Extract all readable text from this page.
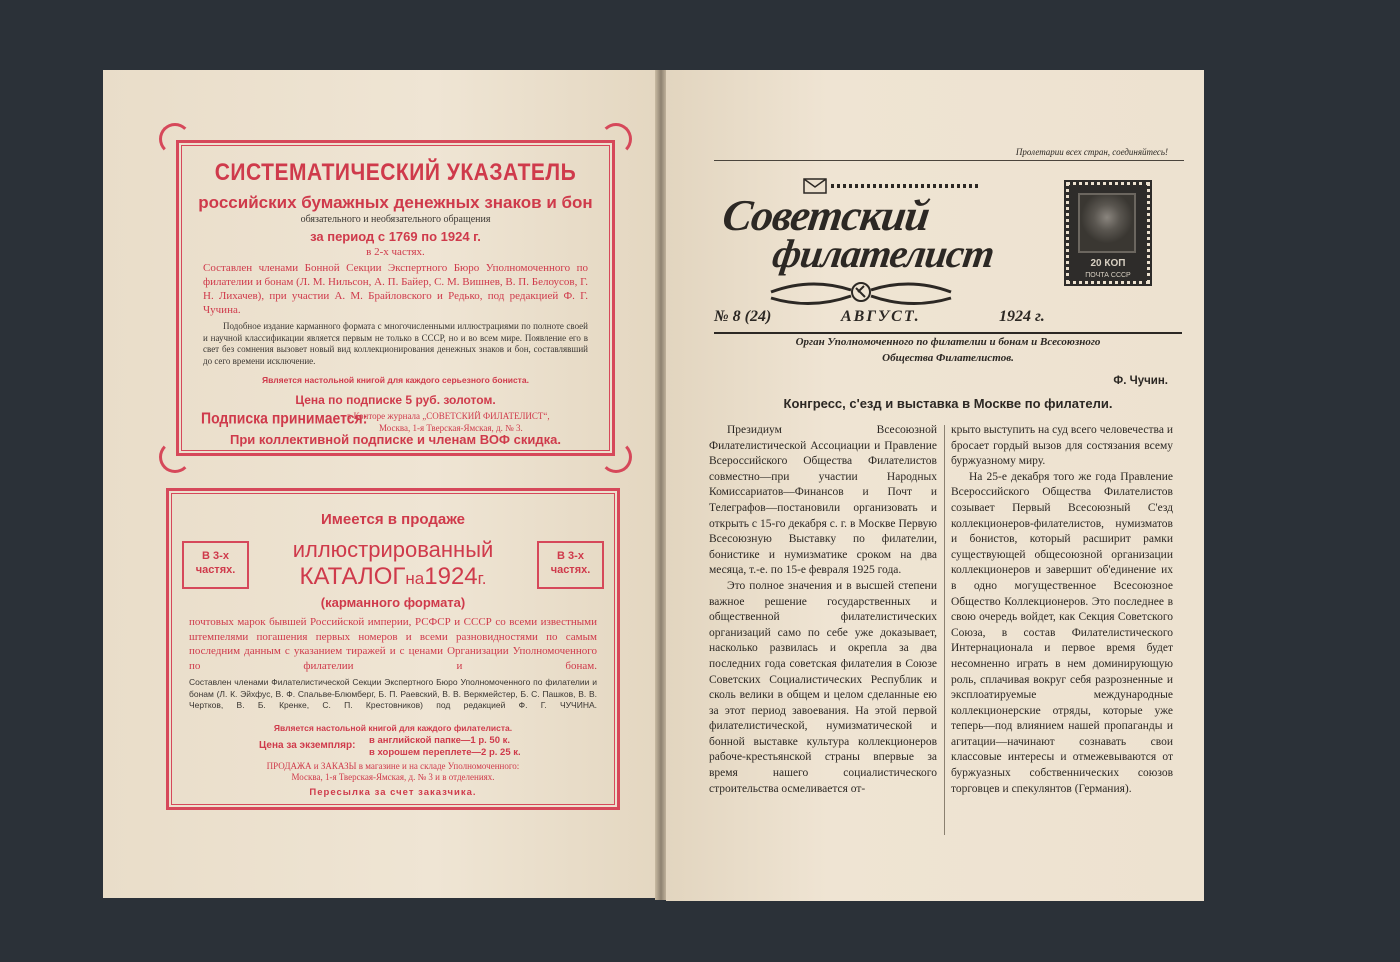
СИСТЕМАТИЧЕСКИЙ УКАЗАТЕЛЬ

российских бумажных денежных знаков и бон

обязательного и необязательного обращения

за период с 1769 по 1924 г.

в 2-х частях.

Составлен членами Бонной Секции Экспертного Бюро Уполномоченного по филателии и бонам (Л. М. Нильсон, А. П. Байер, С. М. Вишнев, В. П. Белоусов, Г. Н. Лихачев), при участии А. М. Брайловского и Редько, под редакцией Ф. Г. Чучина.

Подобное издание карманного формата с многочисленными иллюстрациями по полноте своей и научной классификации является первым не только в СССР, но и во всем мире. Появление его в свет без сомнения вызовет новый вид коллекционирования денежных знаков и бон, составлявший до сего времени исключение.

Является настольной книгой для каждого серьезного бониста.

Цена по подписке 5 руб. золотом.

Подписка принимается:

в Конторе журнала „СОВЕТСКИЙ ФИЛАТЕЛИСТ“,

Москва, 1-я Тверская-Ямская, д. № 3.

При коллективной подписке и членам ВОФ скидка.

Имеется в продаже

В 3-х частях.

В 3-х частях.

иллюстрированный

КАТАЛОГна1924г.

(карманного формата)

почтовых марок бывшей Российской империи, РСФСР и СССР со всеми известными штемпелями погашения первых номеров и всеми разновидностями по самым последним данным с указанием тиражей и с ценами Организации Уполномоченного по филателии и бонам.

Составлен членами Филателистической Секции Экспертного Бюро Уполномоченного по филателии и бонам (Л. К. Эйхфус, В. Ф. Спальве-Блюмберг, Б. П. Раевский, В. В. Веркмейстер, Б. С. Пашков, В. В. Чертков, В. Б. Кренке, С. П. Крестовников) под редакцией Ф. Г. ЧУЧИНА.

Является настольной книгой для каждого филателиста.

Цена за экземпляр: в английской папке—1 р. 50 к.

в хорошем переплете—2 р. 25 к.

ПРОДАЖА и ЗАКАЗЫ в магазине и на складе Уполномоченного:

Москва, 1-я Тверская-Ямская, д. № 3 и в отделениях.

Пересылка за счет заказчика.

Пролетарии всех стран, соединяйтесь!

Советский

филателист	20 КОП

ПОЧТА СССР

№ 8 (24)	АВГУСТ.	1924 г.

Орган Уполномоченного по филателии и бонам и Всесоюзного

Общества Филателистов.

Ф. Чучин.

Конгресс, с'езд и выставка в Москве по филатели.

Президиум Всесоюзной Филателистической Ассоциации и Правление Всероссийского Общества Филателистов совместно—при участии Народных Комиссариатов—Финансов и Почт и Телеграфов—постановили организовать и открыть с 15-го декабря с. г. в Москве Первую Всесоюзную Выставку по филателии, бонистике и нумизматике сроком на два месяца, т.-е. по 15-е февраля 1925 года.

Это полное значения и в высшей степени важное решение государственных и общественной филателистических организаций само по себе уже доказывает, насколько развилась и окрепла за два последних года советская филателия в Союзе Советских Социалистических Республик и сколь велики в общем и целом сделанные ею за этот период завоевания. На этой первой филателистической, нумизматической и бонной выставке культура коллекционеров рабоче-крестьянской страны впервые за время нашего социалистического строительства осмеливается от-

крыто выступить на суд всего человечества и бросает гордый вызов для состязания всему буржуазному миру.

На 25-е декабря того же года Правление Всероссийского Общества Филателистов созывает Первый Всесоюзный С'езд коллекционеров-филателистов, нумизматов и бонистов, который расширит рамки существующей общесоюзной организации коллекционеров и завершит об'единение их в одно могущественное Всесоюзное Общество Коллекционеров. Это последнее в свою очередь войдет, как Секция Советского Союза, в состав Филателистического Интернационала и первое время будет несомненно играть в нем доминирующую роль, сплачивая вокруг себя разрозненные и эксплоатируемые международные коллекционерские отряды, которые уже теперь—под влиянием нашей пропаганды и агитации—начинают сознавать свои классовые интересы и отмежевываются от буржуазных собственнических союзов торговцев и спекулянтов (Германия).
